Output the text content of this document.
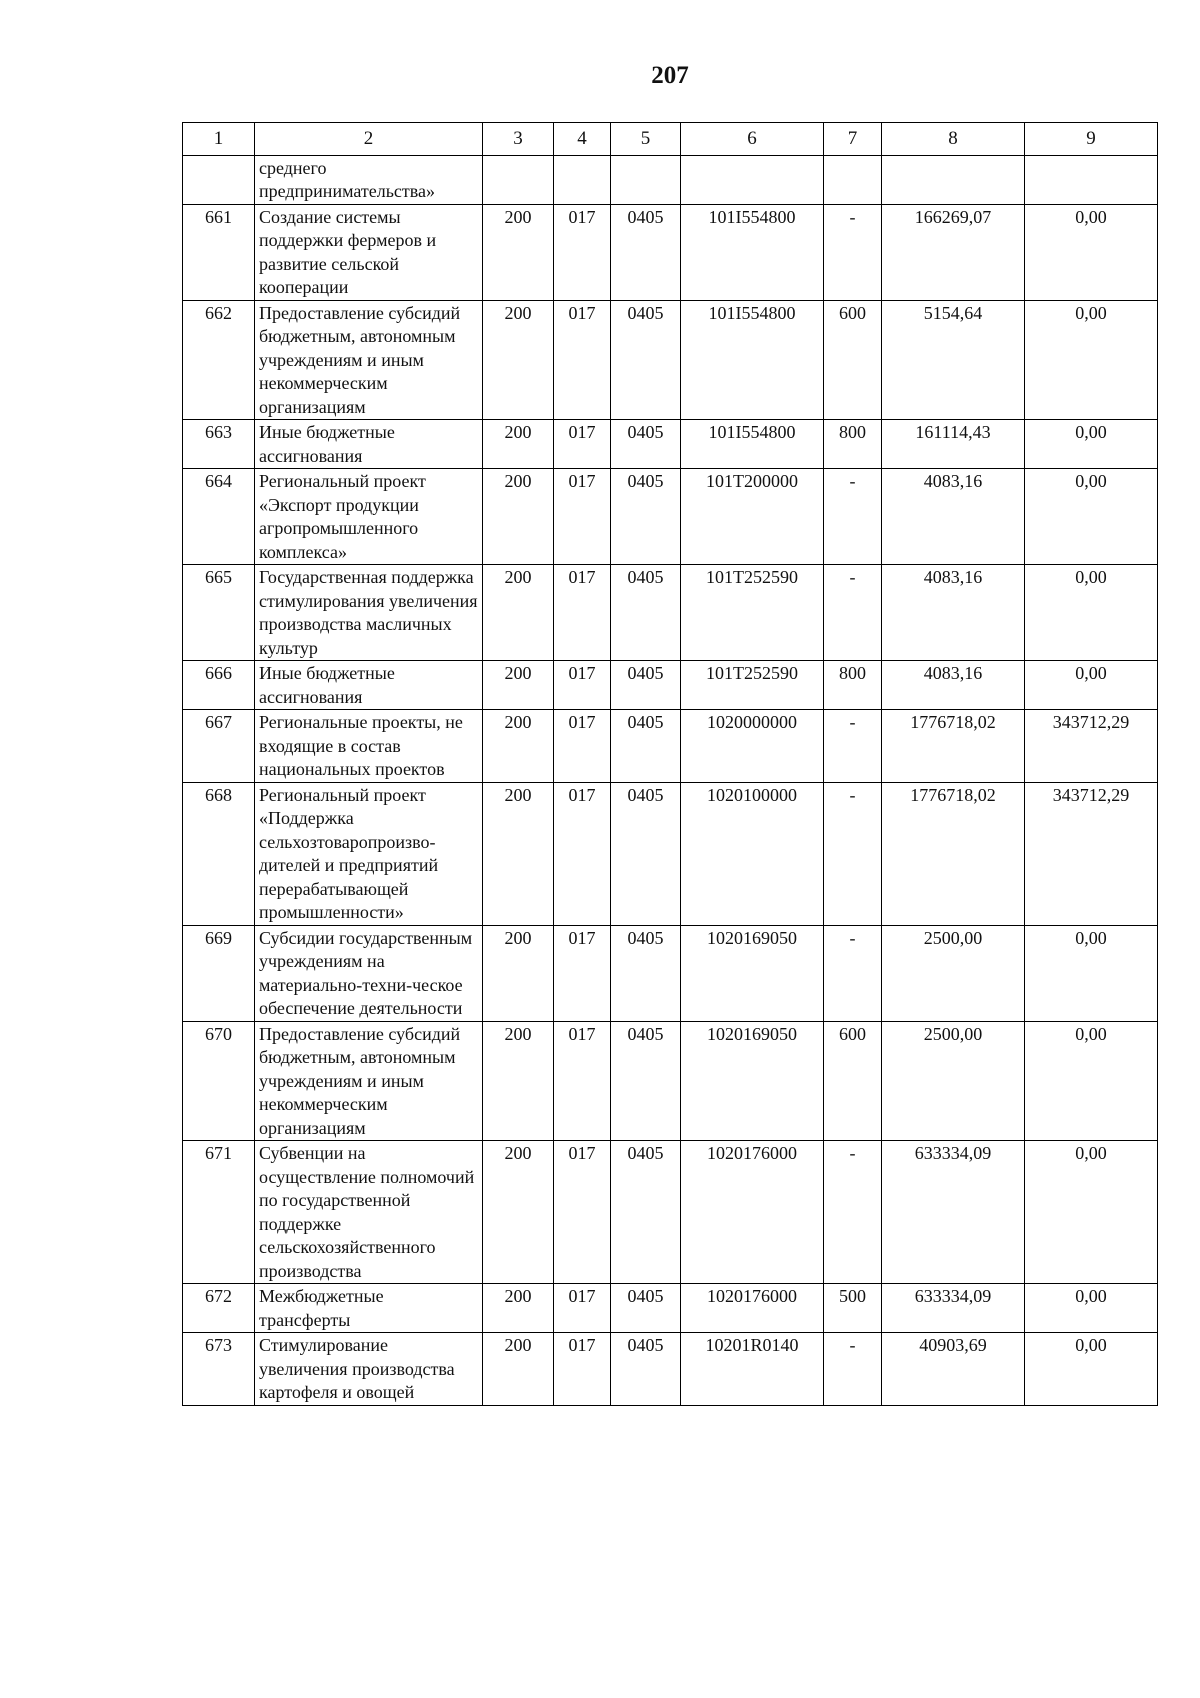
207
1	2	3	4	5	6	7	8	9
	среднего предпринимательства»							
661	Создание системы поддержки фермеров и развитие сельской кооперации	200	017	0405	101I554800	-	166269,07	0,00
662	Предоставление субсидий бюджетным, автономным учреждениям и иным некоммерческим организациям	200	017	0405	101I554800	600	5154,64	0,00
663	Иные бюджетные ассигнования	200	017	0405	101I554800	800	161114,43	0,00
664	Региональный проект «Экспорт продукции агропромышленного комплекса»	200	017	0405	101T200000	-	4083,16	0,00
665	Государственная поддержка стимулирования увеличения производства масличных культур	200	017	0405	101T252590	-	4083,16	0,00
666	Иные бюджетные ассигнования	200	017	0405	101T252590	800	4083,16	0,00
667	Региональные проекты, не входящие в состав национальных проектов	200	017	0405	1020000000	-	1776718,02	343712,29
668	Региональный проект «Поддержка сельхозтоваропроизво-дителей и предприятий перерабатывающей промышленности»	200	017	0405	1020100000	-	1776718,02	343712,29
669	Субсидии государственным учреждениям на материально-техни-ческое обеспечение деятельности	200	017	0405	1020169050	-	2500,00	0,00
670	Предоставление субсидий бюджетным, автономным учреждениям и иным некоммерческим организациям	200	017	0405	1020169050	600	2500,00	0,00
671	Субвенции на осуществление полномочий по государственной поддержке сельскохозяйственного производства	200	017	0405	1020176000	-	633334,09	0,00
672	Межбюджетные трансферты	200	017	0405	1020176000	500	633334,09	0,00
673	Стимулирование увеличения производства картофеля и овощей	200	017	0405	10201R0140	-	40903,69	0,00
